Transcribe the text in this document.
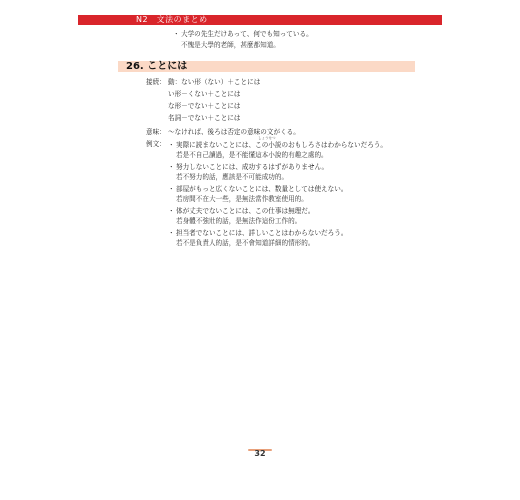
N2　文法のまとめ
・ 大学の先生だけあって、何でも知っている。
不愧是大學的老師，甚麼都知道。
26. ことには
接続： 動：ない形（ない）＋ことには
い形－くない＋ことには
な形－でない＋ことには
名詞－でない＋ことには
意味： ～なければ、後ろは否定の意味の文がくる。
例文：
しょうせつ
・ 実際に読まないことには、この小説のおもしろさはわからないだろう。
若是不自己讀過，是不能懂這本小說的有趣之處的。
・ 努力しないことには、成功するはずがありません。
若不努力的話，應該是不可能成功的。
・ 部屋がもっと広くないことには、数量としては使えない。
若房間不在大一些，是無法當作教室使用的。
・ 体が丈夫でないことには、この仕事は無理だ。
若身體不強壯的話，是無法作這份工作的。
・ 担当者でないことには、詳しいことはわからないだろう。
若不是負責人的話，是不會知道詳細的情形的。
32
